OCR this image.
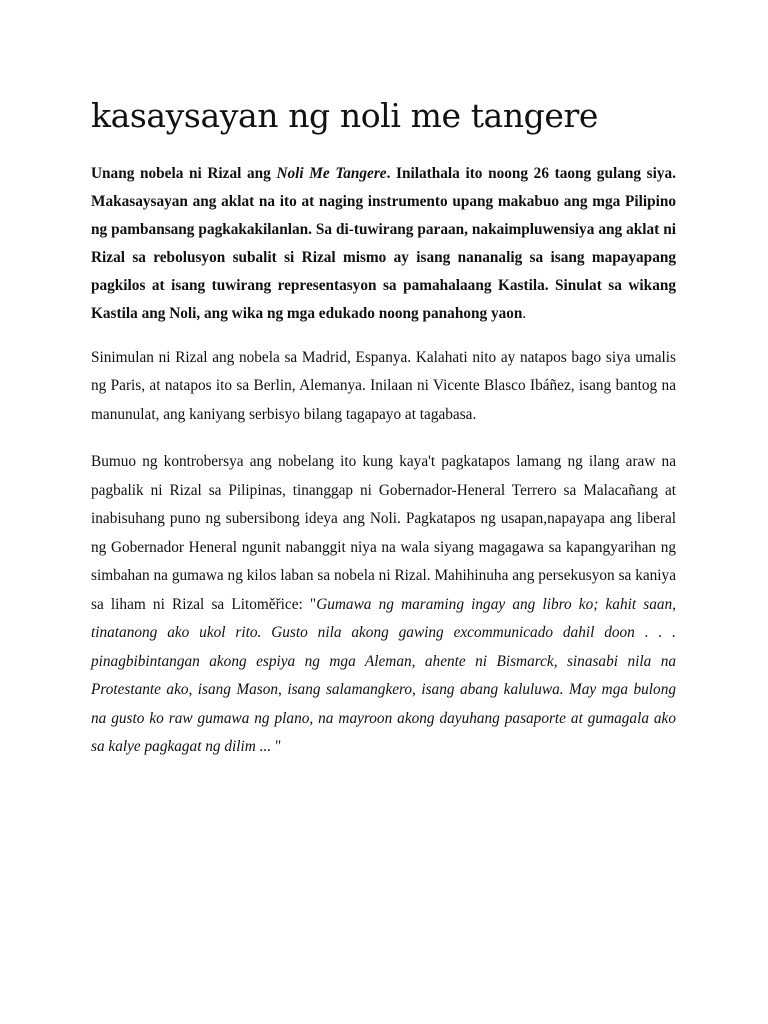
kasaysayan ng noli me tangere

Unang nobela ni Rizal ang Noli Me Tangere. Inilathala ito noong 26 taong gulang siya. Makasaysayan ang aklat na ito at naging instrumento upang makabuo ang mga Pilipino ng pambansang pagkakakilanlan. Sa di-tuwirang paraan, nakaimpluwensiya ang aklat ni Rizal sa rebolusyon subalit si Rizal mismo ay isang nananalig sa isang mapayapang pagkilos at isang tuwirang representasyon sa pamahalaang Kastila. Sinulat sa wikang Kastila ang Noli, ang wika ng mga edukado noong panahong yaon.

Sinimulan ni Rizal ang nobela sa Madrid, Espanya. Kalahati nito ay natapos bago siya umalis ng Paris, at natapos ito sa Berlin, Alemanya. Inilaan ni Vicente Blasco Ibáñez, isang bantog na manunulat, ang kaniyang serbisyo bilang tagapayo at tagabasa.

Bumuo ng kontrobersya ang nobelang ito kung kaya't pagkatapos lamang ng ilang araw na pagbalik ni Rizal sa Pilipinas, tinanggap ni Gobernador-Heneral Terrero sa Malacañang at inabisuhang puno ng subersibong ideya ang Noli. Pagkatapos ng usapan,napayapa ang liberal ng Gobernador Heneral ngunit nabanggit niya na wala siyang magagawa sa kapangyarihan ng simbahan na gumawa ng kilos laban sa nobela ni Rizal. Mahihinuha ang persekusyon sa kaniya sa liham ni Rizal sa Litoměřice: "Gumawa ng maraming ingay ang libro ko; kahit saan, tinatanong ako ukol rito. Gusto nila akong gawing excommunicado dahil doon . . . pinagbibintangan akong espiya ng mga Aleman, ahente ni Bismarck, sinasabi nila na Protestante ako, isang Mason, isang salamangkero, isang abang kaluluwa. May mga bulong na gusto ko raw gumawa ng plano, na mayroon akong dayuhang pasaporte at gumagala ako sa kalye pagkagat ng dilim ... "
